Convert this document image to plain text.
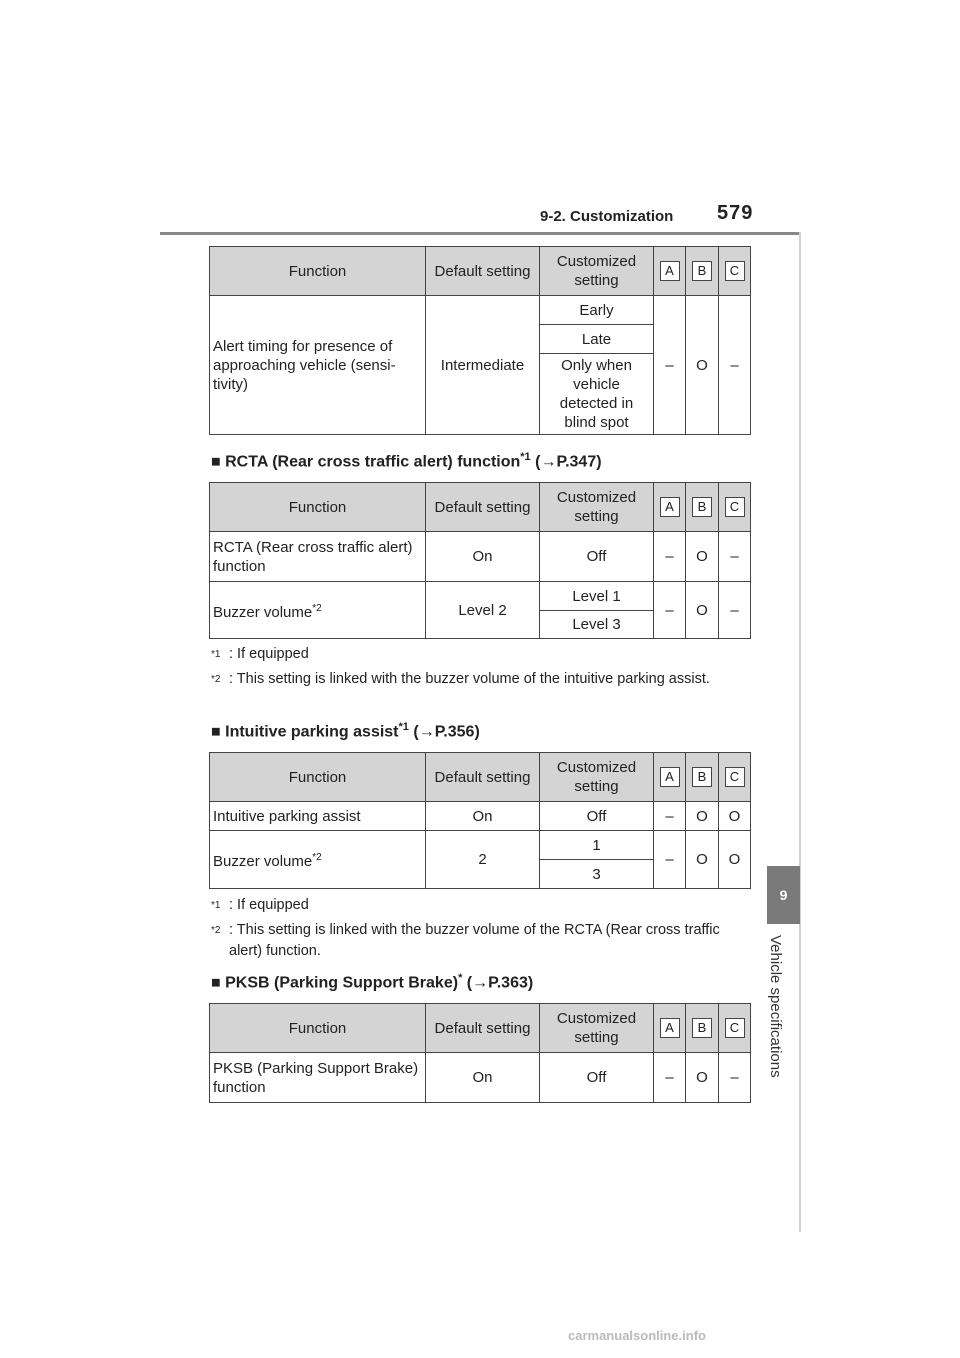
9-2. Customization 579
9
Vehicle specifications
Function	Default setting	Customized setting	A	B	C
Alert timing for presence of approaching vehicle (sensi-tivity)	Intermediate	Early	–	O	–
		Late			
		Only when vehicle detected in blind spot			
■ RCTA (Rear cross traffic alert) function$^{*1}$ (→P.347)
Function	Default setting	Customized setting	A	B	C
RCTA (Rear cross traffic alert) function	On	Off	–	O	–
Buzzer volume$^{*2}$	Level 2	Level 1	–	O	–
		Level 3			
$^{*1}$ : If equipped
$^{*2}$ : This setting is linked with the buzzer volume of the intuitive parking assist.
■ Intuitive parking assist$^{*1}$ (→P.356)
Function	Default setting	Customized setting	A	B	C
Intuitive parking assist	On	Off	–	O	O
Buzzer volume$^{*2}$	2	1	–	O	O
		3			
$^{*1}$ : If equipped
$^{*2}$ : This setting is linked with the buzzer volume of the RCTA (Rear cross traffic alert) function.
■ PKSB (Parking Support Brake)* (→P.363)
Function	Default setting	Customized setting	A	B	C
PKSB (Parking Support Brake) function	On	Off	–	O	–
carmanualsonline.info
